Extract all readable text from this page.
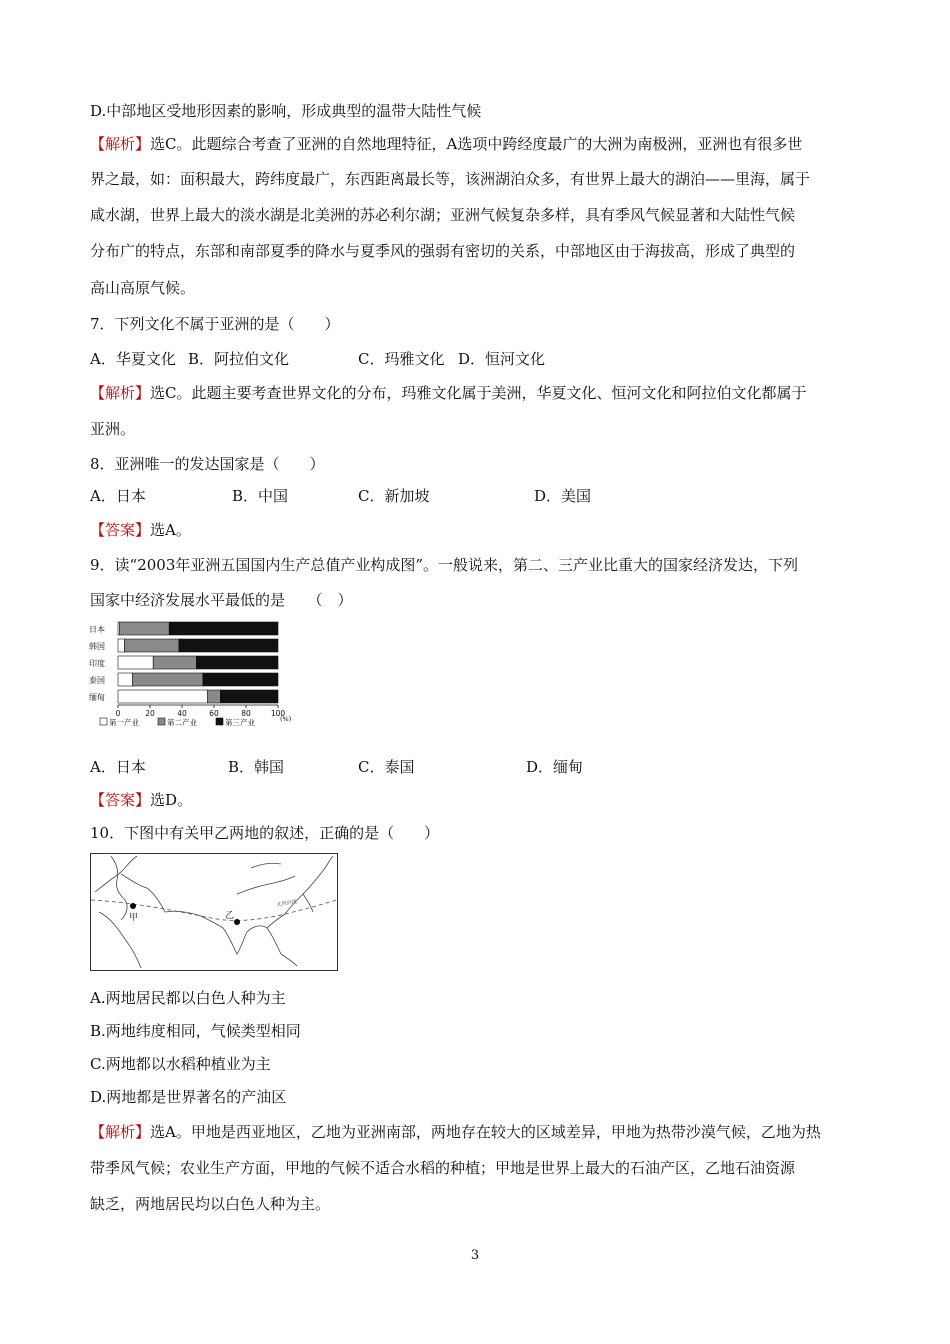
D.中部地区受地形因素的影响，形成典型的温带大陆性气候
【解析】选C。此题综合考查了亚洲的自然地理特征，A选项中跨经度最广的大洲为南极洲，亚洲也有很多世
界之最，如：面积最大，跨纬度最广，东西距离最长等，该洲湖泊众多，有世界上最大的湖泊——里海，属于
咸水湖，世界上最大的淡水湖是北美洲的苏必利尔湖；亚洲气候复杂多样，具有季风气候显著和大陆性气候
分布广的特点，东部和南部夏季的降水与夏季风的强弱有密切的关系，中部地区由于海拔高，形成了典型的
高山高原气候。
7．下列文化不属于亚洲的是（　　）
A．华夏文化 B．阿拉伯文化	C．玛雅文化 D．恒河文化
【解析】选C。此题主要考查世界文化的分布，玛雅文化属于美洲，华夏文化、恒河文化和阿拉伯文化都属于
亚洲。
8．亚洲唯一的发达国家是（　　）
A．日本	B．中国	C．新加坡	D．美国
【答案】选A。
9．读“2003年亚洲五国国内生产总值产业构成图”。一般说来，第二、三产业比重大的国家经济发达，下列
国家中经济发展水平最低的是　　（　）
日本
韩国
印度
泰国
缅甸
0	20	40	60	80	100
(%)
第一产业	第二产业	第三产业
A．日本	B．韩国	C．泰国	D．缅甸
【答案】选D。
10．下图中有关甲乙两地的叙述，正确的是（　　）
甲	乙
北回归线
A.两地居民都以白色人种为主
B.两地纬度相同，气候类型相同
C.两地都以水稻种植业为主
D.两地都是世界著名的产油区
【解析】选A。甲地是西亚地区，乙地为亚洲南部，两地存在较大的区域差异，甲地为热带沙漠气候，乙地为热
带季风气候；农业生产方面，甲地的气候不适合水稻的种植；甲地是世界上最大的石油产区，乙地石油资源
缺乏，两地居民均以白色人种为主。
3
